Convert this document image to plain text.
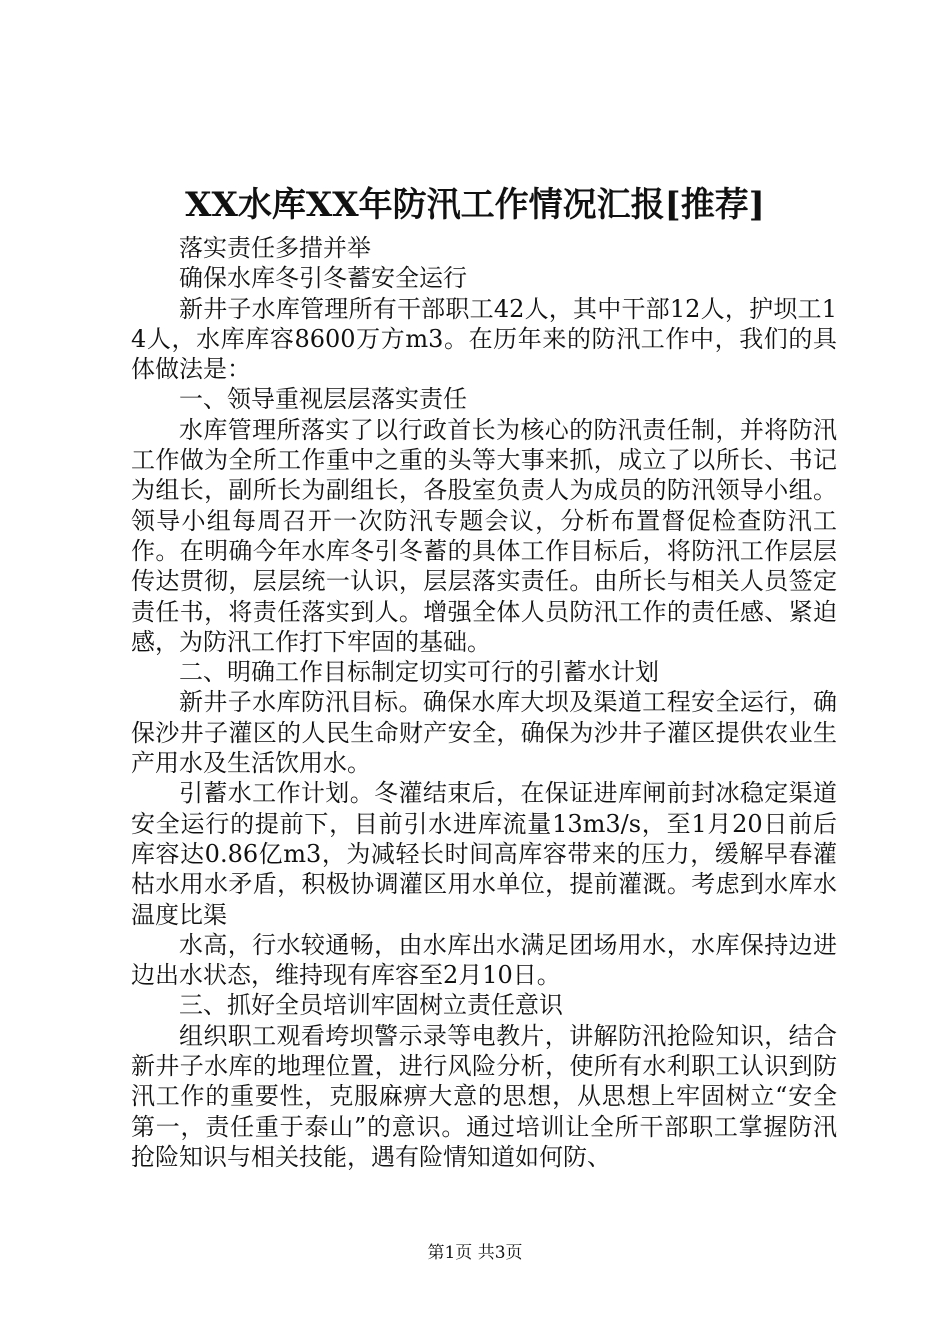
XX水库XX年防汛工作情况汇报[推荐]

落实责任多措并举

确保水库冬引冬蓄安全运行

新井子水库管理所有干部职工42人，其中干部12人，护坝工14人，水库库容8600万方m3。在历年来的防汛工作中，我们的具体做法是：

一、领导重视层层落实责任

水库管理所落实了以行政首长为核心的防汛责任制，并将防汛工作做为全所工作重中之重的头等大事来抓，成立了以所长、书记为组长，副所长为副组长，各股室负责人为成员的防汛领导小组。领导小组每周召开一次防汛专题会议，分析布置督促检查防汛工作。在明确今年水库冬引冬蓄的具体工作目标后，将防汛工作层层传达贯彻，层层统一认识，层层落实责任。由所长与相关人员签定责任书，将责任落实到人。增强全体人员防汛工作的责任感、紧迫感，为防汛工作打下牢固的基础。

二、明确工作目标制定切实可行的引蓄水计划

新井子水库防汛目标。确保水库大坝及渠道工程安全运行，确保沙井子灌区的人民生命财产安全，确保为沙井子灌区提供农业生产用水及生活饮用水。

引蓄水工作计划。冬灌结束后，在保证进库闸前封冰稳定渠道安全运行的提前下，目前引水进库流量13m3/s，至1月20日前后库容达0.86亿m3，为减轻长时间高库容带来的压力，缓解早春灌枯水用水矛盾，积极协调灌区用水单位，提前灌溉。考虑到水库水温度比渠

水高，行水较通畅，由水库出水满足团场用水，水库保持边进边出水状态，维持现有库容至2月10日。

三、抓好全员培训牢固树立责任意识

组织职工观看垮坝警示录等电教片，讲解防汛抢险知识，结合新井子水库的地理位置，进行风险分析，使所有水利职工认识到防汛工作的重要性，克服麻痹大意的思想，从思想上牢固树立“安全第一，责任重于泰山”的意识。通过培训让全所干部职工掌握防汛抢险知识与相关技能，遇有险情知道如何防、

第1页 共3页
